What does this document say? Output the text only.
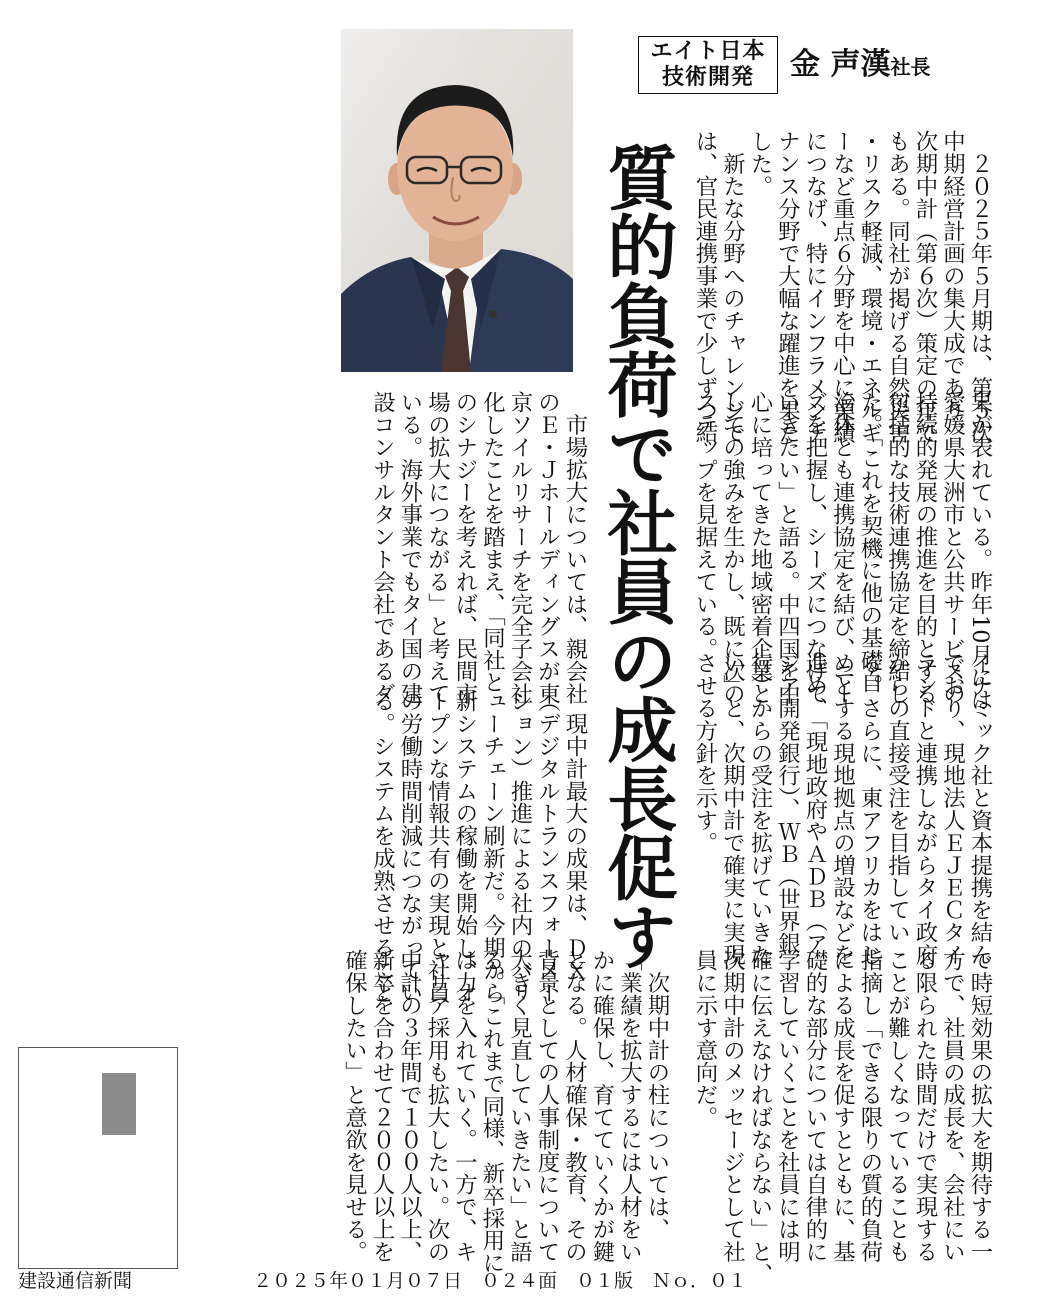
エイト日本
技術開発	金 声漢社長
質的負荷で社員の成長促す	　２０２５年５月期は、第５次
中期経営計画の集大成であり、
次期中計（第６次）策定の年で
もある。同社が掲げる自然災害
・リスク軽減、環境・エネルギ
ーなど重点６分野を中心に業績
につなげ、特にインフラメンテ
ナンス分野で大幅な躍進を果た
した。
　新たな分野へのチャレンジで
は、官民連携事業で少しずつ結
果が表れている。昨年10月には
愛媛県大洲市と公共サービスの
持続的発展の推進を目的とする
包括的な技術連携協定を締結し
た。「これを契機に他の基礎自
治体とも連携協定を結び、ニー
ズを把握し、シーズにつなげて
いきたい」と語る。中四国を中
心に培ってきた地域密着企業と
しての強みを生かし、既に次の
ステップを見据えている。
　市場拡大については、親会社
のＥ・Ｊホールディングスが東
京ソイルリサーチを完全子会社
化したことを踏まえ、「同社と
のシナジーを考えれば、民間市
場の拡大につながる」と考えて
いる。海外事業でもタイ国の建
設コンサルタント会社であるダ
イナミック社と資本提携を結ん
でおり、現地法人ＥＪＥＣタイ
ランドと連携しながらタイ政府
からの直接受注を目指してい
る。さらに、東アフリカをはじ
めとする現地拠点の増設などを
進め、「現地政府やＡＤＢ（ア
ジア開発銀行）、ＷＢ（世界銀
行）からの受注を拡げていきた
い」と、次期中計で確実に実現
させる方針を示す。
　現中計最大の成果は、ＤＸ
（デジタルトランスフォーメー
ション）推進による社内のバリ
ューチェーン刷新だ。今期から
新システムの稼働を開始し、オ
ープンな情報共有の実現と社員
の労働時間削減につながってい
る。システムを成熟させること
で時短効果の拡大を期待する一
方で、社員の成長を、会社にい
る限られた時間だけで実現する
ことが難しくなっていることも
指摘し「できる限りの質的負荷
による成長を促すとともに、基
礎的な部分については自律的に
学習していくことを社員には明
確に伝えなければならない」と、
次期中計のメッセージとして社
員に示す意向だ。
　次期中計の柱については、
「業績を拡大するには人材をい
かに確保し、育てていくかが鍵
となる。人材確保・教育、その
背景としての人事制度について
大きく見直していきたい」と語
る。「これまで同様、新卒採用に
は力を入れていく。一方で、キ
ャリア採用も拡大したい。次の
中計の３年間で１００人以上、
新卒を合わせて２００人以上を
確保したい」と意欲を見せる。
建設通信新聞	２０２５年０１月０７日　０２４面　０１版　Ｎｏ．０１
